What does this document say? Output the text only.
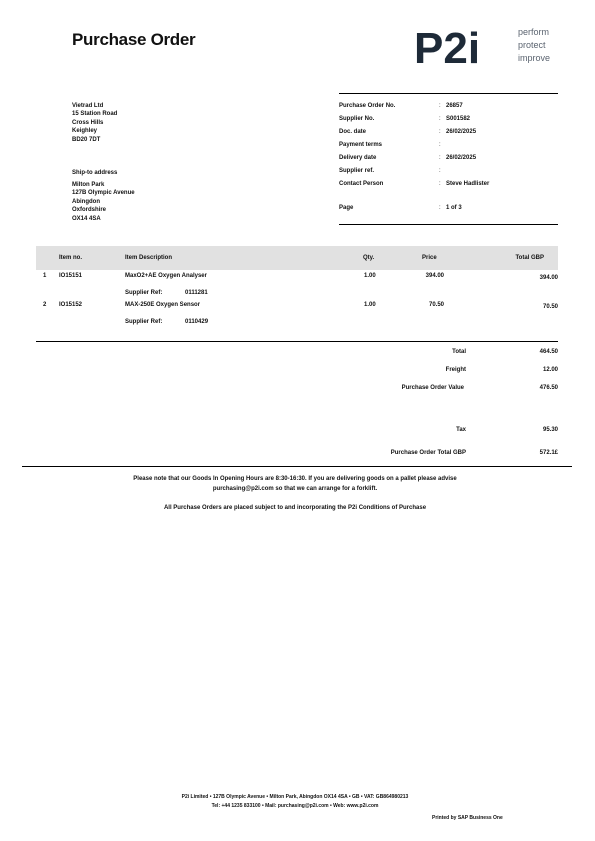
Purchase Order	P2i	perform
protect
improve
Vietrad Ltd
15 Station Road
Cross Hills
Keighley
BD20 7DT
Ship-to address
Milton Park
127B Olympic Avenue
Abingdon
Oxfordshire
OX14 4SA
Purchase Order No.	: 26857
Supplier No.	: S001582
Doc. date	: 26/02/2025
Payment terms	:
Delivery date	: 26/02/2025
Supplier ref.	:
Contact Person	: Steve Hadlister
Page	: 1 of 3
Item no.	Item Description	Qty.	Price	Total GBP
1 IO15151	MaxO2+AE Oxygen Analyser	1.00	394.00	394.00
Supplier Ref:	0111281
2 IO15152	MAX-250E Oxygen Sensor	1.00	70.50	70.50
Supplier Ref:	0110429
Total	464.50
Freight	12.00
Purchase Order Value	476.50
Tax	95.30
Purchase Order Total GBP	572.1£
Please note that our Goods In Opening Hours are 8:30-16:30. If you are delivering goods on a pallet please advise
purchasing@p2i.com so that we can arrange for a forklift.
All Purchase Orders are placed subject to and incorporating the P2i Conditions of Purchase
P2i Limited • 127B Olympic Avenue • Milton Park, Abingdon OX14 4SA • GB • VAT: GB864980213
Tel: +44 1235 833100 • Mail: purchasing@p2i.com • Web: www.p2i.com
Printed by SAP Business One
